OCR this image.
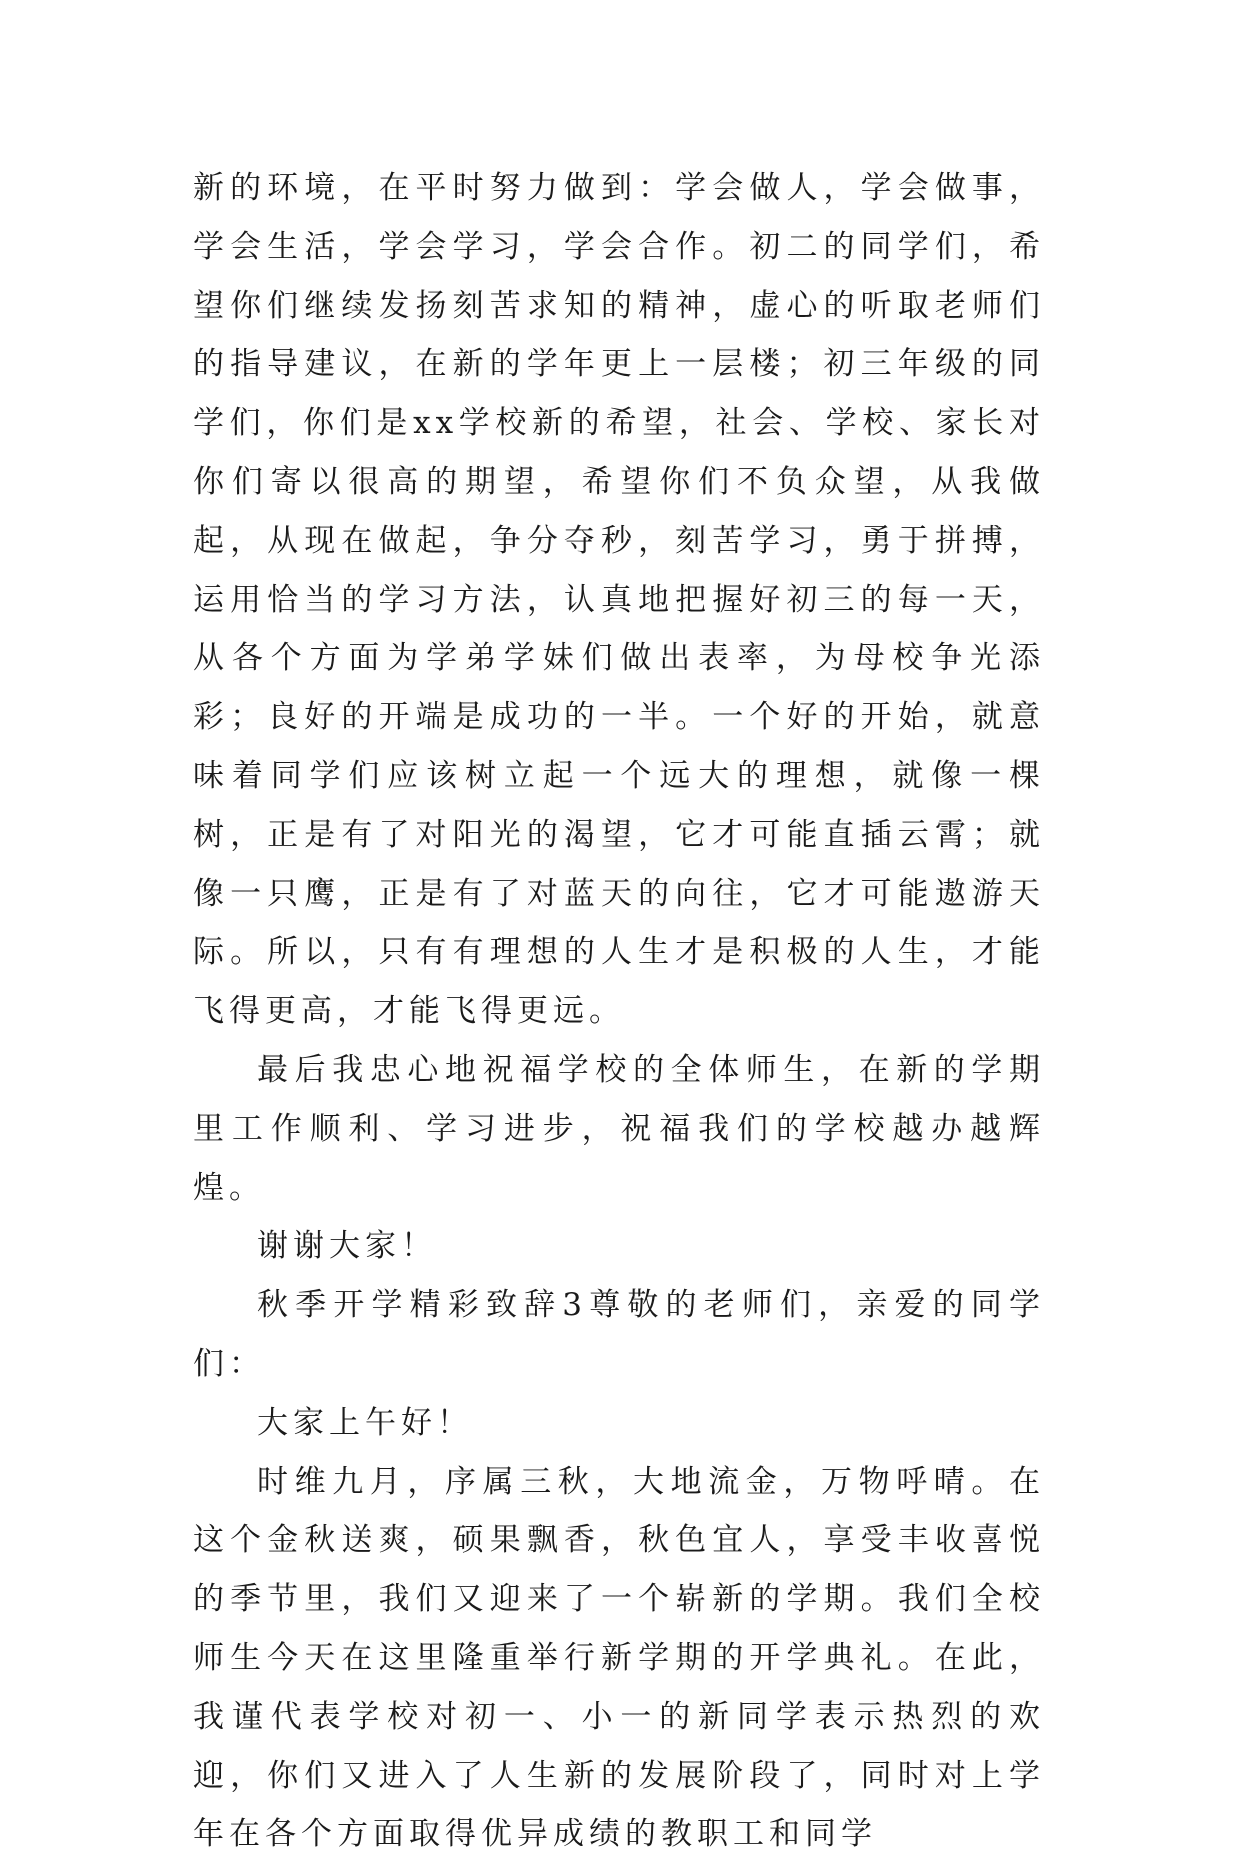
新的环境，在平时努力做到：学会做人，学会做事，学会生活，学会学习，学会合作。初二的同学们，希望你们继续发扬刻苦求知的精神，虚心的听取老师们的指导建议，在新的学年更上一层楼；初三年级的同学们，你们是xx学校新的希望，社会、学校、家长对你们寄以很高的期望，希望你们不负众望，从我做起，从现在做起，争分夺秒，刻苦学习，勇于拼搏，运用恰当的学习方法，认真地把握好初三的每一天，从各个方面为学弟学妹们做出表率，为母校争光添彩；良好的开端是成功的一半。一个好的开始，就意味着同学们应该树立起一个远大的理想，就像一棵树，正是有了对阳光的渴望，它才可能直插云霄；就像一只鹰，正是有了对蓝天的向往，它才可能遨游天际。所以，只有有理想的人生才是积极的人生，才能飞得更高，才能飞得更远。

最后我忠心地祝福学校的全体师生，在新的学期里工作顺利、学习进步，祝福我们的学校越办越辉煌。

谢谢大家！

秋季开学精彩致辞3尊敬的老师们，亲爱的同学们：

大家上午好！

时维九月，序属三秋，大地流金，万物呼晴。在这个金秋送爽，硕果飘香，秋色宜人，享受丰收喜悦的季节里，我们又迎来了一个崭新的学期。我们全校师生今天在这里隆重举行新学期的开学典礼。在此，我谨代表学校对初一、小一的新同学表示热烈的欢迎，你们又进入了人生新的发展阶段了，同时对上学年在各个方面取得优异成绩的教职工和同学
